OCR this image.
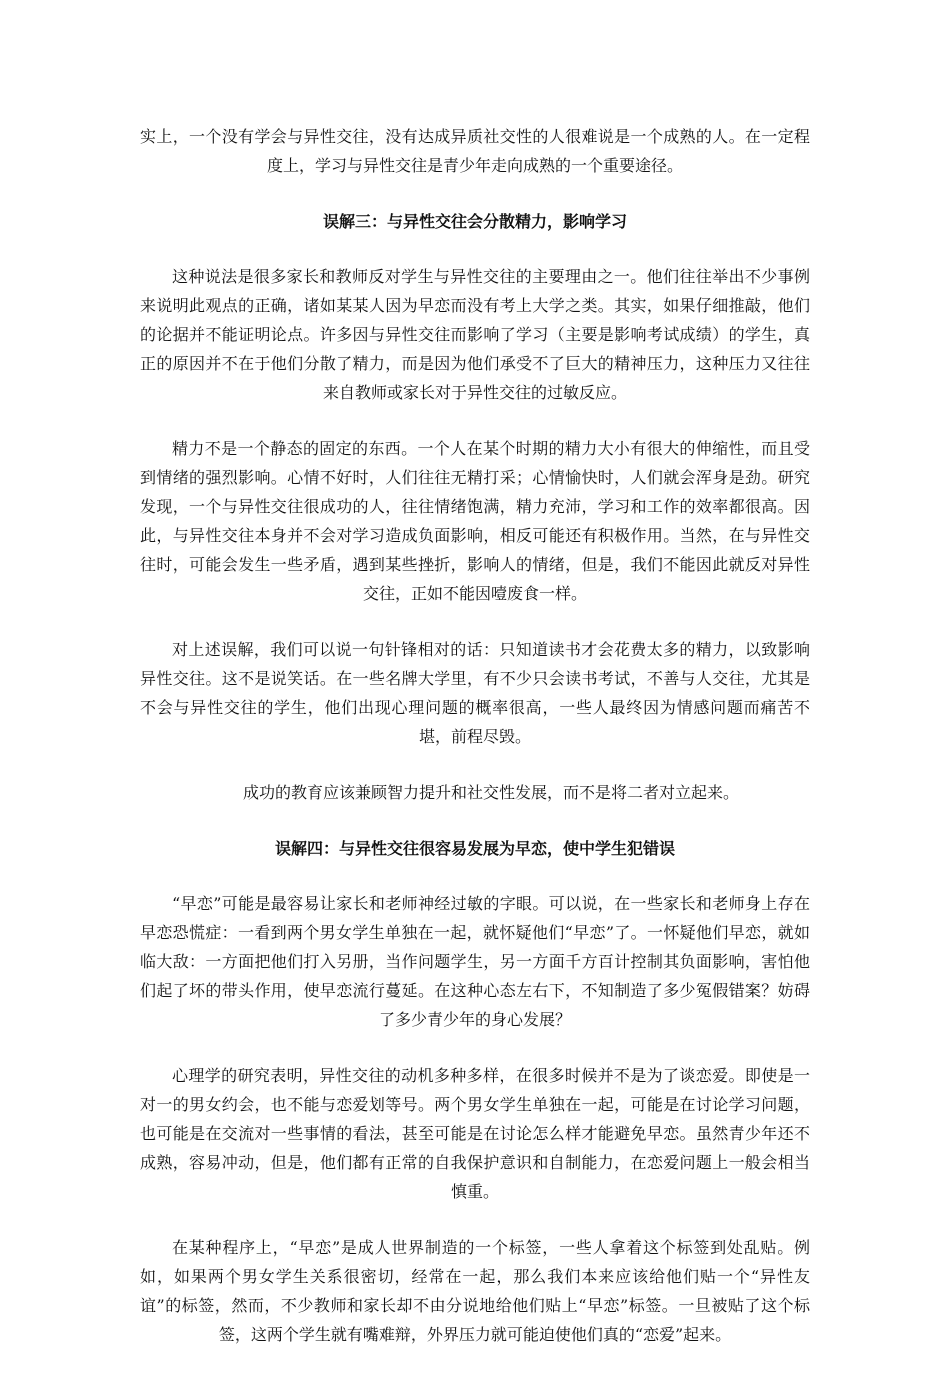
实上，一个没有学会与异性交往，没有达成异质社交性的人很难说是一个成熟的人。在一定程度上，学习与异性交往是青少年走向成熟的一个重要途径。

误解三：与异性交往会分散精力，影响学习

这种说法是很多家长和教师反对学生与异性交往的主要理由之一。他们往往举出不少事例来说明此观点的正确，诸如某某人因为早恋而没有考上大学之类。其实，如果仔细推敲，他们的论据并不能证明论点。许多因与异性交往而影响了学习（主要是影响考试成绩）的学生，真正的原因并不在于他们分散了精力，而是因为他们承受不了巨大的精神压力，这种压力又往往来自教师或家长对于异性交往的过敏反应。

精力不是一个静态的固定的东西。一个人在某个时期的精力大小有很大的伸缩性，而且受到情绪的强烈影响。心情不好时，人们往往无精打采；心情愉快时，人们就会浑身是劲。研究发现，一个与异性交往很成功的人，往往情绪饱满，精力充沛，学习和工作的效率都很高。因此，与异性交往本身并不会对学习造成负面影响，相反可能还有积极作用。当然，在与异性交往时，可能会发生一些矛盾，遇到某些挫折，影响人的情绪，但是，我们不能因此就反对异性交往，正如不能因噎废食一样。

对上述误解，我们可以说一句针锋相对的话：只知道读书才会花费太多的精力，以致影响异性交往。这不是说笑话。在一些名牌大学里，有不少只会读书考试，不善与人交往，尤其是不会与异性交往的学生，他们出现心理问题的概率很高，一些人最终因为情感问题而痛苦不堪，前程尽毁。

成功的教育应该兼顾智力提升和社交性发展，而不是将二者对立起来。

误解四：与异性交往很容易发展为早恋，使中学生犯错误

“早恋”可能是最容易让家长和老师神经过敏的字眼。可以说，在一些家长和老师身上存在早恋恐慌症：一看到两个男女学生单独在一起，就怀疑他们“早恋”了。一怀疑他们早恋，就如临大敌：一方面把他们打入另册，当作问题学生，另一方面千方百计控制其负面影响，害怕他们起了坏的带头作用，使早恋流行蔓延。在这种心态左右下，不知制造了多少冤假错案？妨碍了多少青少年的身心发展？

心理学的研究表明，异性交往的动机多种多样，在很多时候并不是为了谈恋爱。即使是一对一的男女约会，也不能与恋爱划等号。两个男女学生单独在一起，可能是在讨论学习问题，也可能是在交流对一些事情的看法，甚至可能是在讨论怎么样才能避免早恋。虽然青少年还不成熟，容易冲动，但是，他们都有正常的自我保护意识和自制能力，在恋爱问题上一般会相当慎重。

在某种程序上，“早恋”是成人世界制造的一个标签，一些人拿着这个标签到处乱贴。例如，如果两个男女学生关系很密切，经常在一起，那么我们本来应该给他们贴一个“异性友谊”的标签，然而，不少教师和家长却不由分说地给他们贴上“早恋”标签。一旦被贴了这个标签，这两个学生就有嘴难辩，外界压力就可能迫使他们真的“恋爱”起来。
